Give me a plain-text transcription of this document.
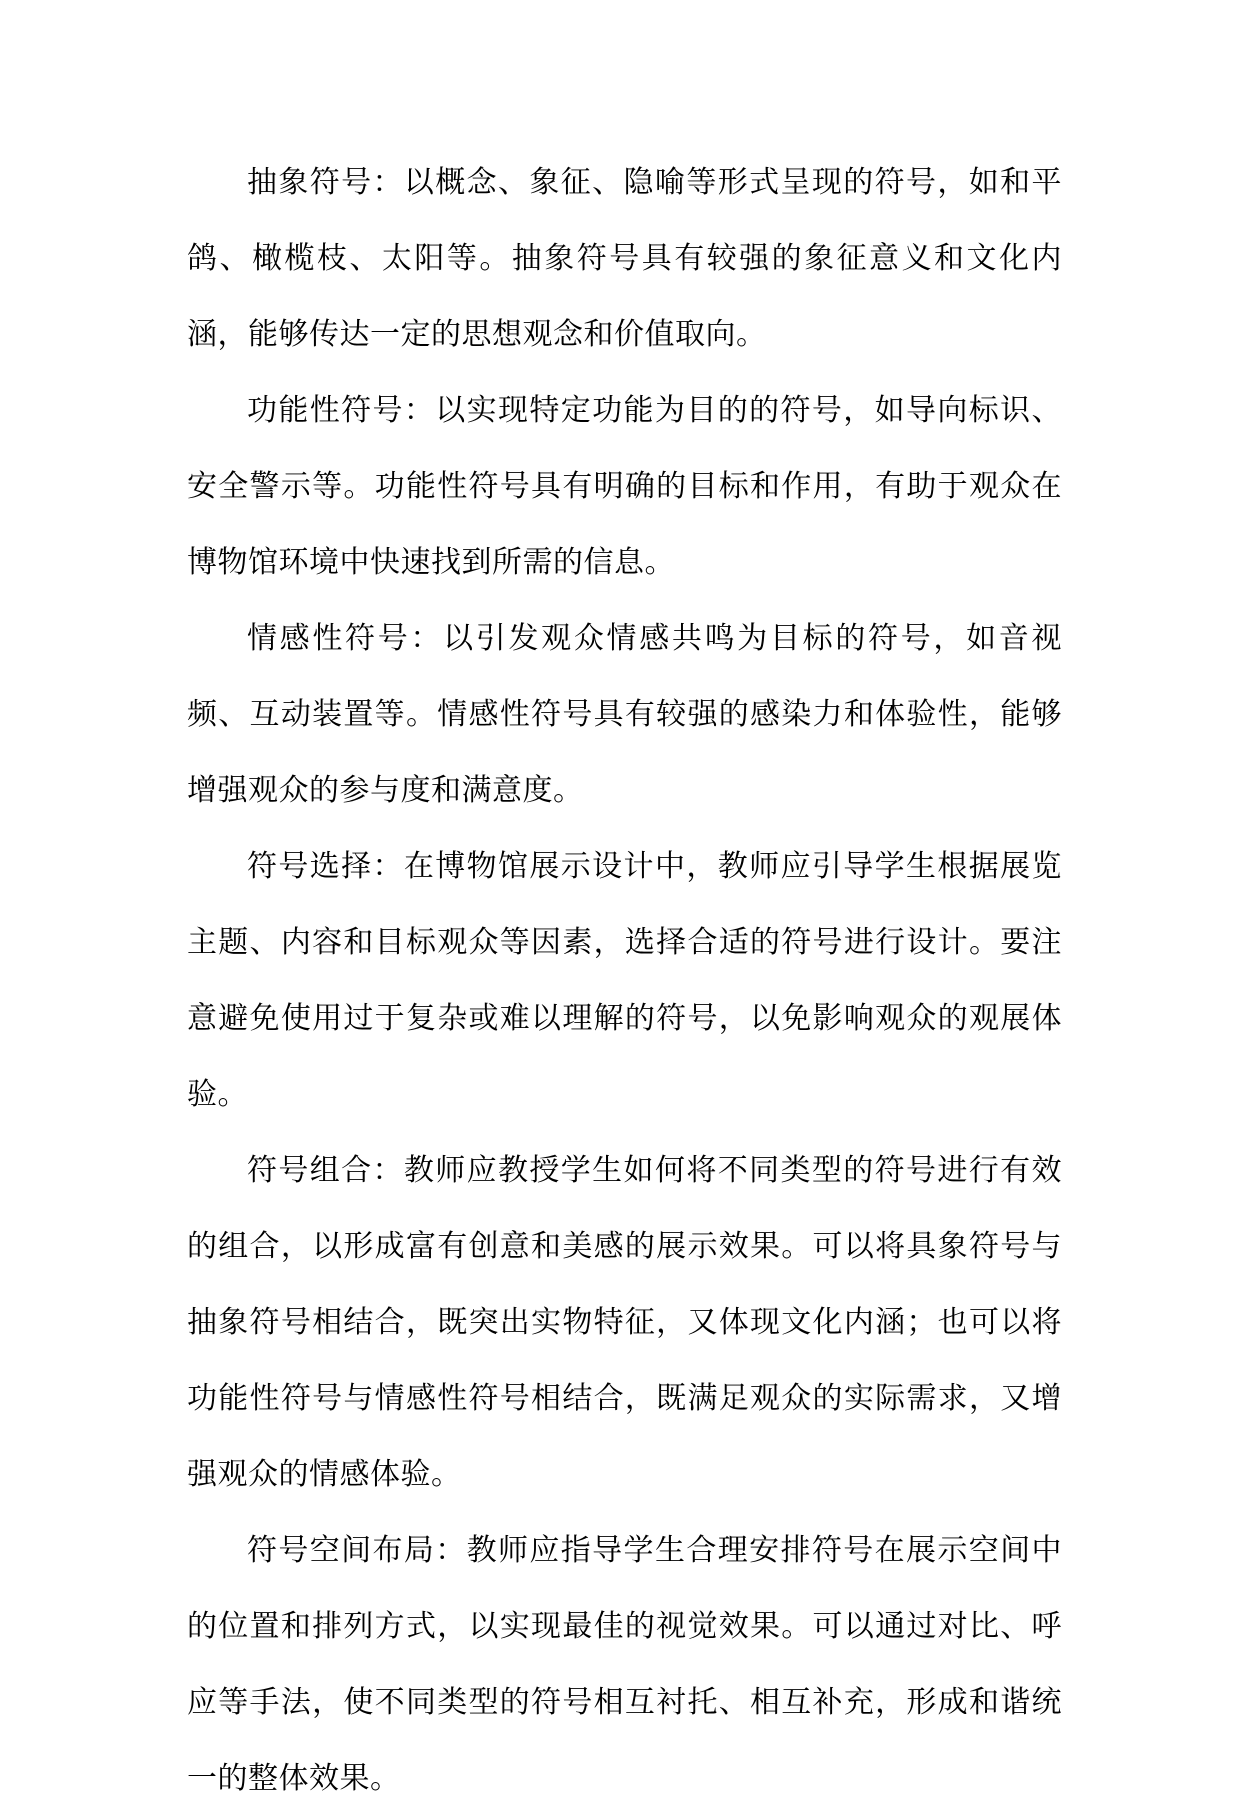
抽象符号：以概念、象征、隐喻等形式呈现的符号，如和平鸽、橄榄枝、太阳等。抽象符号具有较强的象征意义和文化内涵，能够传达一定的思想观念和价值取向。

功能性符号：以实现特定功能为目的的符号，如导向标识、安全警示等。功能性符号具有明确的目标和作用，有助于观众在博物馆环境中快速找到所需的信息。

情感性符号：以引发观众情感共鸣为目标的符号，如音视频、互动装置等。情感性符号具有较强的感染力和体验性，能够增强观众的参与度和满意度。

符号选择：在博物馆展示设计中，教师应引导学生根据展览主题、内容和目标观众等因素，选择合适的符号进行设计。要注意避免使用过于复杂或难以理解的符号，以免影响观众的观展体验。

符号组合：教师应教授学生如何将不同类型的符号进行有效的组合，以形成富有创意和美感的展示效果。可以将具象符号与抽象符号相结合，既突出实物特征，又体现文化内涵；也可以将功能性符号与情感性符号相结合，既满足观众的实际需求，又增强观众的情感体验。

符号空间布局：教师应指导学生合理安排符号在展示空间中的位置和排列方式，以实现最佳的视觉效果。可以通过对比、呼应等手法，使不同类型的符号相互衬托、相互补充，形成和谐统一的整体效果。
